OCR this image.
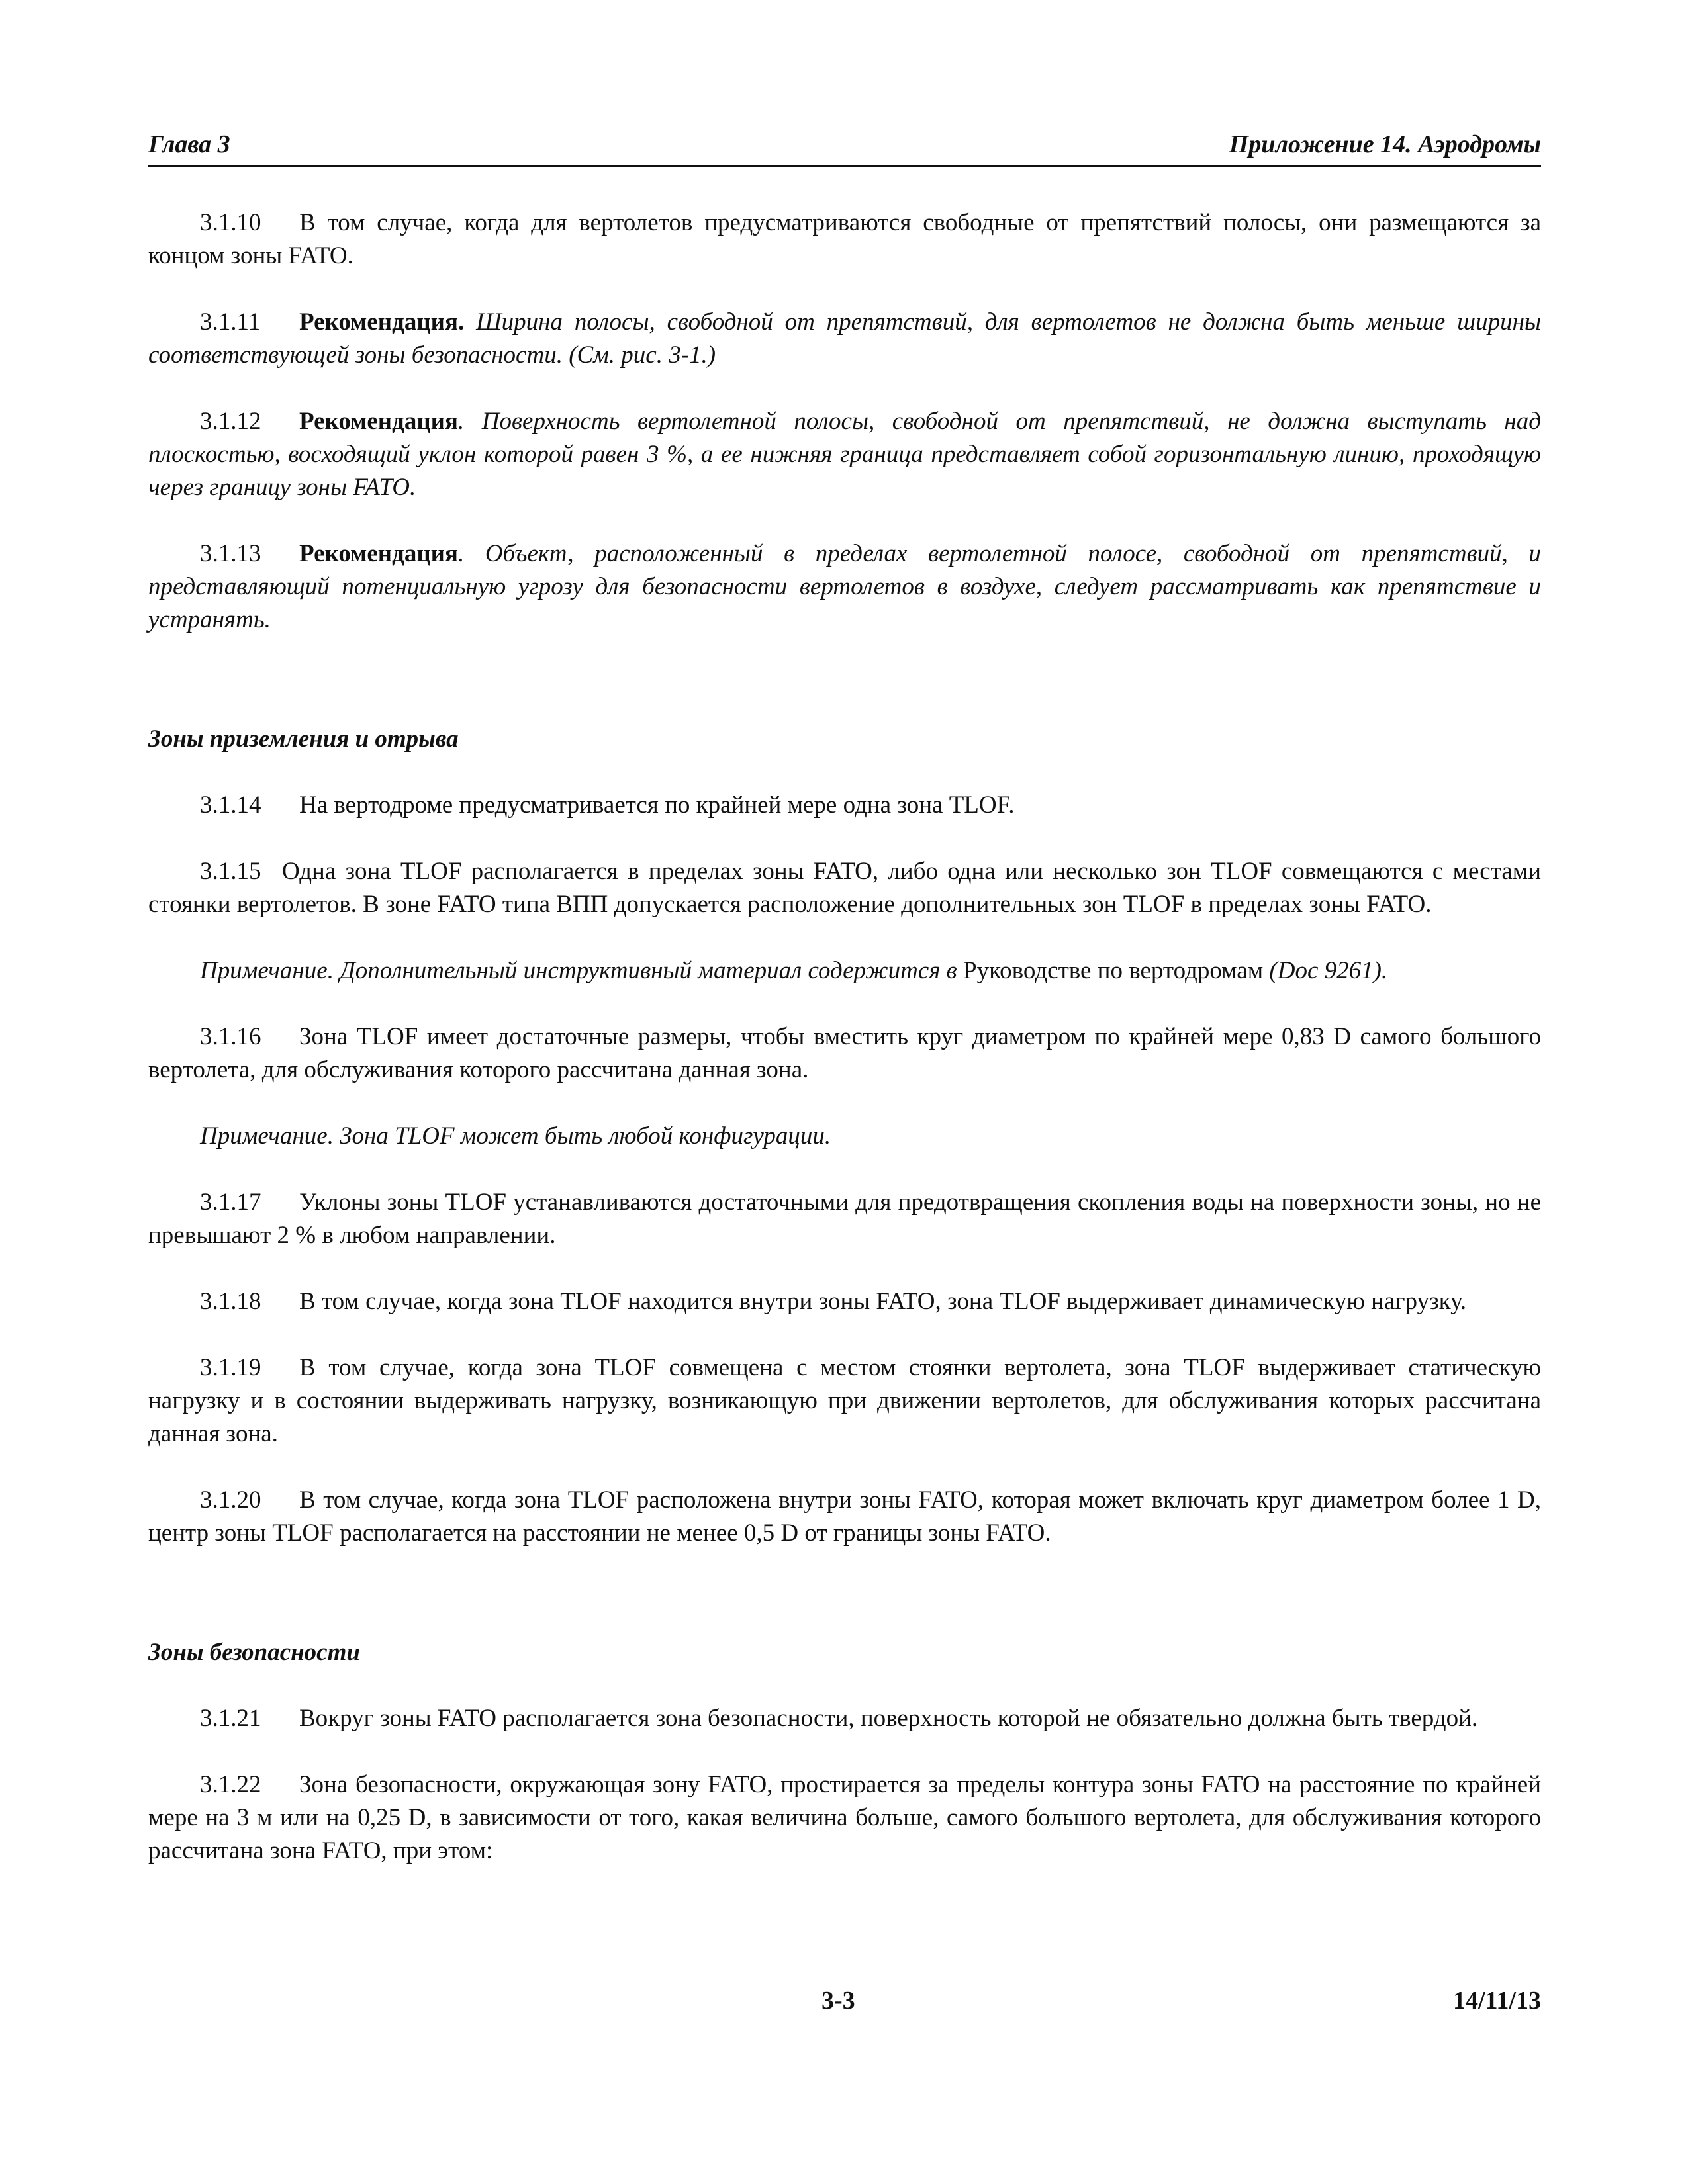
Глава 3	Приложение 14. Аэродромы

3.1.10 В том случае, когда для вертолетов предусматриваются свободные от препятствий полосы, они размещаются за концом зоны FATO.

3.1.11 Рекомендация. Ширина полосы, свободной от препятствий, для вертолетов не должна быть меньше ширины соответствующей зоны безопасности. (См. рис. 3-1.)

3.1.12 Рекомендация. Поверхность вертолетной полосы, свободной от препятствий, не должна выступать над плоскостью, восходящий уклон которой равен 3 %, а ее нижняя граница представляет собой горизонтальную линию, проходящую через границу зоны FATO.

3.1.13 Рекомендация. Объект, расположенный в пределах вертолетной полосе, свободной от препятствий, и представляющий потенциальную угрозу для безопасности вертолетов в воздухе, следует рассматривать как препятствие и устранять.

Зоны приземления и отрыва

3.1.14 На вертодроме предусматривается по крайней мере одна зона TLOF.

3.1.15 Одна зона TLOF располагается в пределах зоны FATO, либо одна или несколько зон TLOF совмещаются с местами стоянки вертолетов. В зоне FATO типа ВПП допускается расположение дополнительных зон TLOF в пределах зоны FATO.

Примечание. Дополнительный инструктивный материал содержится в Руководстве по вертодромам (Doc 9261).

3.1.16 Зона TLOF имеет достаточные размеры, чтобы вместить круг диаметром по крайней мере 0,83 D самого большого вертолета, для обслуживания которого рассчитана данная зона.

Примечание. Зона TLOF может быть любой конфигурации.

3.1.17 Уклоны зоны TLOF устанавливаются достаточными для предотвращения скопления воды на поверхности зоны, но не превышают 2 % в любом направлении.

3.1.18 В том случае, когда зона TLOF находится внутри зоны FATO, зона TLOF выдерживает динамическую нагрузку.

3.1.19 В том случае, когда зона TLOF совмещена с местом стоянки вертолета, зона TLOF выдерживает статическую нагрузку и в состоянии выдерживать нагрузку, возникающую при движении вертолетов, для обслуживания которых рассчитана данная зона.

3.1.20 В том случае, когда зона TLOF расположена внутри зоны FATO, которая может включать круг диаметром более 1 D, центр зоны TLOF располагается на расстоянии не менее 0,5 D от границы зоны FATO.

Зоны безопасности

3.1.21 Вокруг зоны FATO располагается зона безопасности, поверхность которой не обязательно должна быть твердой.

3.1.22 Зона безопасности, окружающая зону FATO, простирается за пределы контура зоны FATO на расстояние по крайней мере на 3 м или на 0,25 D, в зависимости от того, какая величина больше, самого большого вертолета, для обслуживания которого рассчитана зона FATO, при этом:

3-3	14/11/13
